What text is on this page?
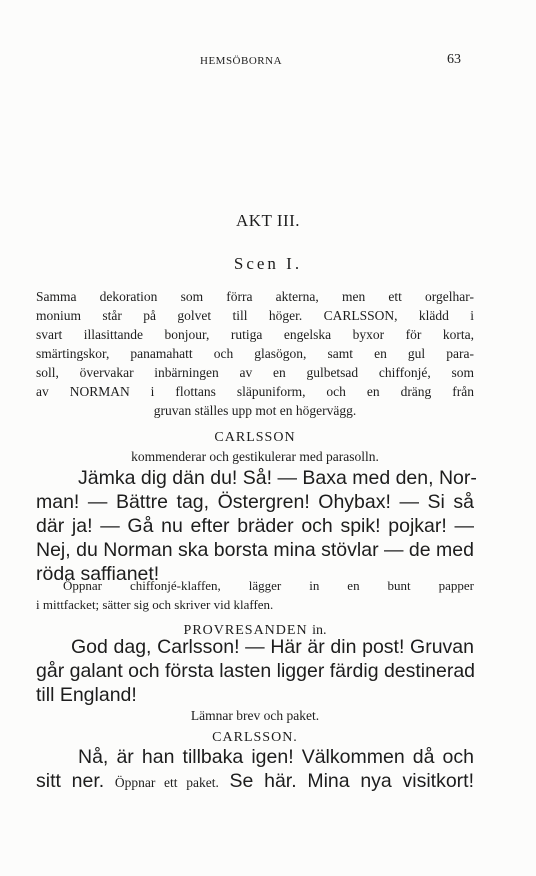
HEMSÖBORNA	63
AKT III.
Scen I.
Samma dekoration som förra akterna, men ett orgelhar-
monium står på golvet till höger. CARLSSON, klädd i
svart illasittande bonjour, rutiga engelska byxor för korta,
smärtingskor, panamahatt och glasögon, samt en gul para-
soll, övervakar inbärningen av en gulbetsad chiffonjé, som
av NORMAN i flottans släpuniform, och en dräng från
gruvan ställes upp mot en högervägg.
CARLSSON
kommenderar och gestikulerar med parasolln.
Jämka dig dän du! Så! — Baxa med den, Nor-
man! — Bättre tag, Östergren! Ohybax! — Si så
där ja! — Gå nu efter bräder och spik! pojkar! —
Nej, du Norman ska borsta mina stövlar — de med
röda saffianet!
Öppnar chiffonjé-klaffen, lägger in en bunt papper
i mittfacket; sätter sig och skriver vid klaffen.
PROVRESANDEN in.
God dag, Carlsson! — Här är din post! Gruvan
går galant och första lasten ligger färdig destinerad
till England!
Lämnar brev och paket.
CARLSSON.
Nå, är han tillbaka igen! Välkommen då och
sitt ner. Öppnar ett paket. Se här. Mina nya visitkort!
